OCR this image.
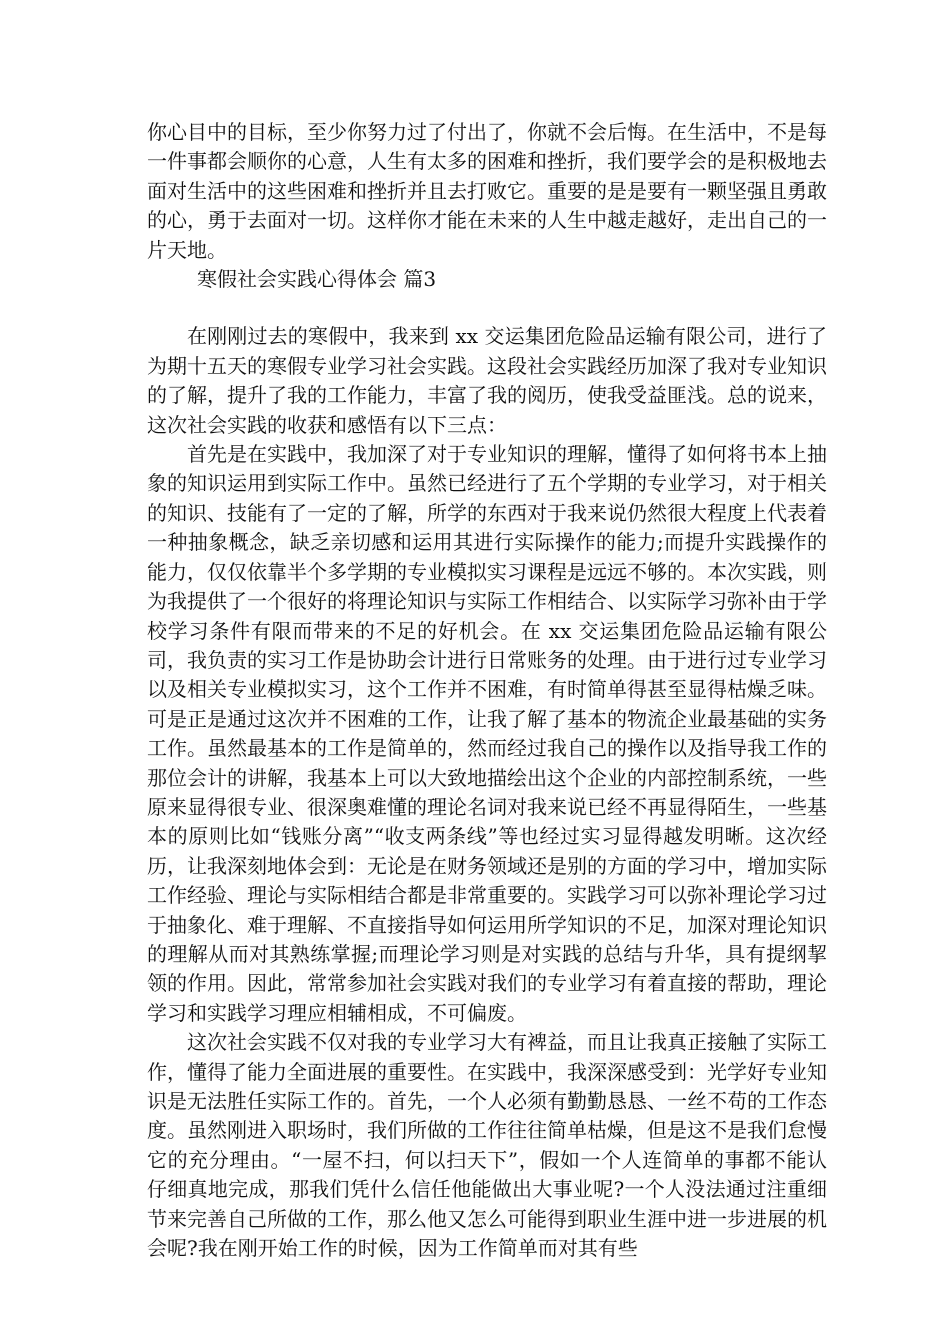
你心目中的目标，至少你努力过了付出了，你就不会后悔。在生活中，不是每一件事都会顺你的心意，人生有太多的困难和挫折，我们要学会的是积极地去面对生活中的这些困难和挫折并且去打败它。重要的是是要有一颗坚强且勇敢的心，勇于去面对一切。这样你才能在未来的人生中越走越好，走出自己的一片天地。

寒假社会实践心得体会 篇3

在刚刚过去的寒假中，我来到 xx 交运集团危险品运输有限公司，进行了为期十五天的寒假专业学习社会实践。这段社会实践经历加深了我对专业知识的了解，提升了我的工作能力，丰富了我的阅历，使我受益匪浅。总的说来，这次社会实践的收获和感悟有以下三点：

首先是在实践中，我加深了对于专业知识的理解，懂得了如何将书本上抽象的知识运用到实际工作中。虽然已经进行了五个学期的专业学习，对于相关的知识、技能有了一定的了解，所学的东西对于我来说仍然很大程度上代表着一种抽象概念，缺乏亲切感和运用其进行实际操作的能力;而提升实践操作的能力，仅仅依靠半个多学期的专业模拟实习课程是远远不够的。本次实践，则为我提供了一个很好的将理论知识与实际工作相结合、以实际学习弥补由于学校学习条件有限而带来的不足的好机会。在 xx 交运集团危险品运输有限公司，我负责的实习工作是协助会计进行日常账务的处理。由于进行过专业学习以及相关专业模拟实习，这个工作并不困难，有时简单得甚至显得枯燥乏味。可是正是通过这次并不困难的工作，让我了解了基本的物流企业最基础的实务工作。虽然最基本的工作是简单的，然而经过我自己的操作以及指导我工作的那位会计的讲解，我基本上可以大致地描绘出这个企业的内部控制系统，一些原来显得很专业、很深奥难懂的理论名词对我来说已经不再显得陌生，一些基本的原则比如“钱账分离”“收支两条线”等也经过实习显得越发明晰。这次经历，让我深刻地体会到：无论是在财务领域还是别的方面的学习中，增加实际工作经验、理论与实际相结合都是非常重要的。实践学习可以弥补理论学习过于抽象化、难于理解、不直接指导如何运用所学知识的不足，加深对理论知识的理解从而对其熟练掌握;而理论学习则是对实践的总结与升华，具有提纲挈领的作用。因此，常常参加社会实践对我们的专业学习有着直接的帮助，理论学习和实践学习理应相辅相成，不可偏废。

这次社会实践不仅对我的专业学习大有裨益，而且让我真正接触了实际工作，懂得了能力全面进展的重要性。在实践中，我深深感受到：光学好专业知识是无法胜任实际工作的。首先，一个人必须有勤勤恳恳、一丝不苟的工作态度。虽然刚进入职场时，我们所做的工作往往简单枯燥，但是这不是我们怠慢它的充分理由。“一屋不扫，何以扫天下”，假如一个人连简单的事都不能认仔细真地完成，那我们凭什么信任他能做出大事业呢?一个人没法通过注重细节来完善自己所做的工作，那么他又怎么可能得到职业生涯中进一步进展的机会呢?我在刚开始工作的时候，因为工作简单而对其有些
